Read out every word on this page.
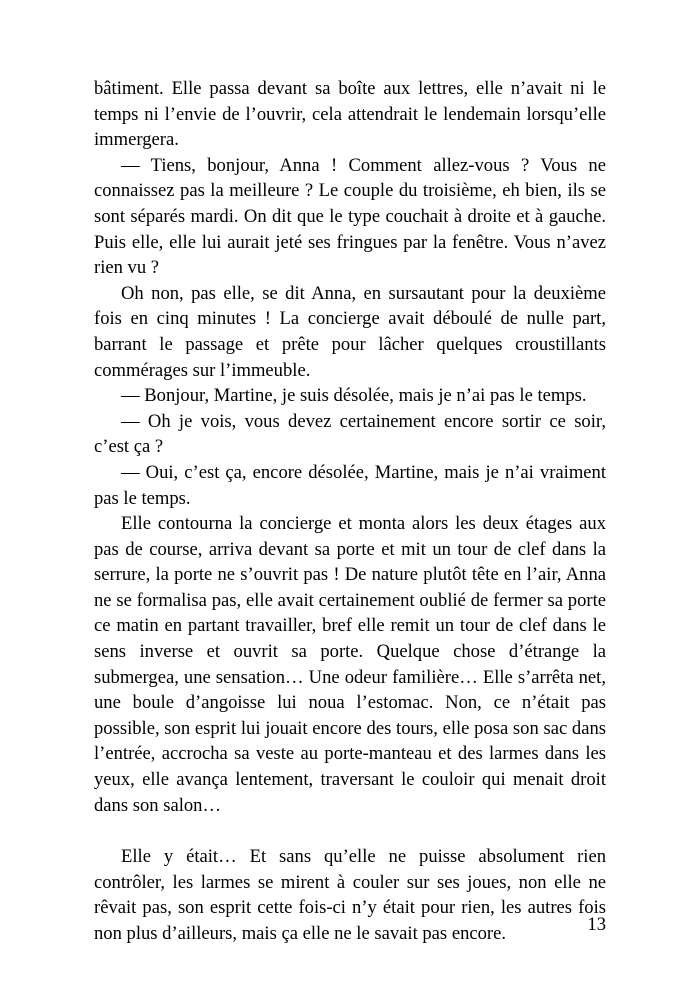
bâtiment. Elle passa devant sa boîte aux lettres, elle n’avait ni le temps ni l’envie de l’ouvrir, cela attendrait le lendemain lorsqu’elle immergera.

— Tiens, bonjour, Anna ! Comment allez-vous ? Vous ne connaissez pas la meilleure ? Le couple du troisième, eh bien, ils se sont séparés mardi. On dit que le type couchait à droite et à gauche. Puis elle, elle lui aurait jeté ses fringues par la fenêtre. Vous n’avez rien vu ?

Oh non, pas elle, se dit Anna, en sursautant pour la deuxième fois en cinq minutes ! La concierge avait déboulé de nulle part, barrant le passage et prête pour lâcher quelques croustillants commérages sur l’immeuble.

— Bonjour, Martine, je suis désolée, mais je n’ai pas le temps.

— Oh je vois, vous devez certainement encore sortir ce soir, c’est ça ?

— Oui, c’est ça, encore désolée, Martine, mais je n’ai vraiment pas le temps.

Elle contourna la concierge et monta alors les deux étages aux pas de course, arriva devant sa porte et mit un tour de clef dans la serrure, la porte ne s’ouvrit pas ! De nature plutôt tête en l’air, Anna ne se formalisa pas, elle avait certainement oublié de fermer sa porte ce matin en partant travailler, bref elle remit un tour de clef dans le sens inverse et ouvrit sa porte. Quelque chose d’étrange la submergea, une sensation… Une odeur familière… Elle s’arrêta net, une boule d’angoisse lui noua l’estomac. Non, ce n’était pas possible, son esprit lui jouait encore des tours, elle posa son sac dans l’entrée, accrocha sa veste au porte-manteau et des larmes dans les yeux, elle avança lentement, traversant le couloir qui menait droit dans son salon…

Elle y était… Et sans qu’elle ne puisse absolument rien contrôler, les larmes se mirent à couler sur ses joues, non elle ne rêvait pas, son esprit cette fois-ci n’y était pour rien, les autres fois non plus d’ailleurs, mais ça elle ne le savait pas encore.	13
